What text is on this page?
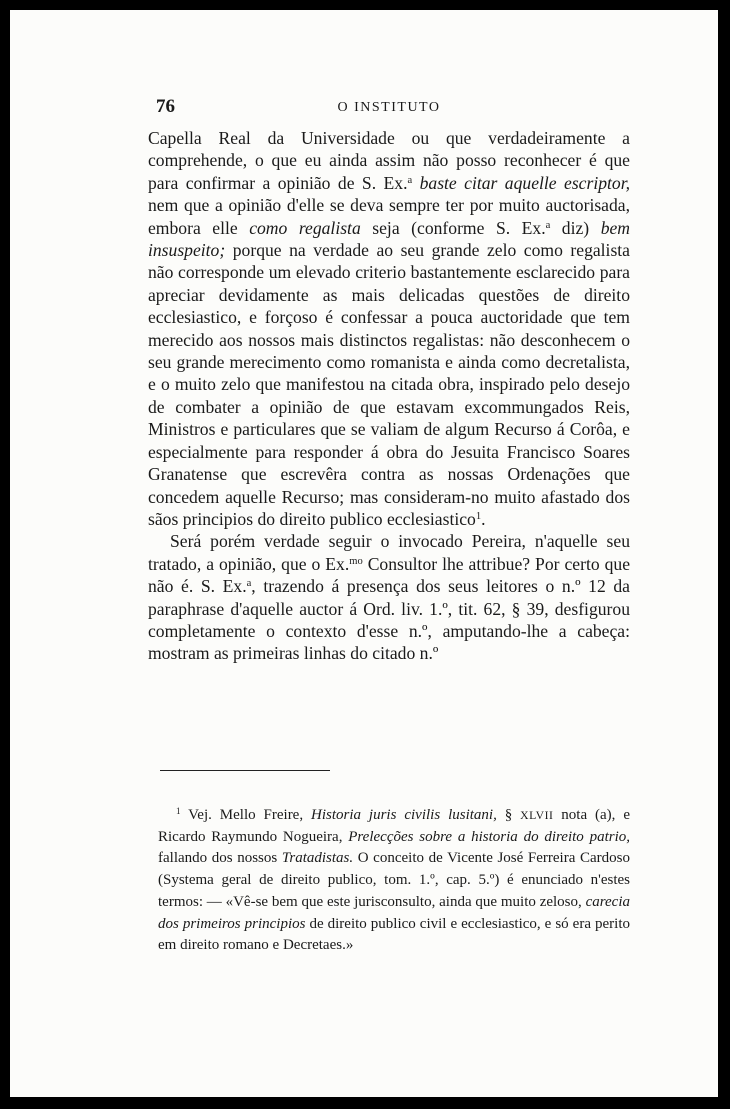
76	O INSTITUTO

Capella Real da Universidade ou que verdadeiramente a comprehende, o que eu ainda assim não posso reconhecer é que para confirmar a opinião de S. Ex.$^a$ baste citar aquelle escriptor, nem que a opinião d'elle se deva sempre ter por muito auctorisada, embora elle como regalista seja (conforme S. Ex.$^a$ diz) bem insuspeito; porque na verdade ao seu grande zelo como regalista não corresponde um elevado criterio bastantemente esclarecido para apreciar devidamente as mais delicadas questões de direito ecclesiastico, e forçoso é confessar a pouca auctoridade que tem merecido aos nossos mais distinctos regalistas: não desconhecem o seu grande merecimento como romanista e ainda como decretalista, e o muito zelo que manifestou na citada obra, inspirado pelo desejo de combater a opinião de que estavam excommungados Reis, Ministros e particulares que se valiam de algum Recurso á Corôa, e especialmente para responder á obra do Jesuita Francisco Soares Granatense que escrevêra contra as nossas Ordenações que concedem aquelle Recurso; mas consideram-no muito afastado dos sãos principios do direito publico ecclesiastico$^1$.

Será porém verdade seguir o invocado Pereira, n'aquelle seu tratado, a opinião, que o Ex.$^{mo}$ Consultor lhe attribue? Por certo que não é. S. Ex.$^a$, trazendo á presença dos seus leitores o n.º 12 da paraphrase d'aquelle auctor á Ord. liv. 1.º, tit. 62, § 39, desfigurou completamente o contexto d'esse n.º, amputando-lhe a cabeça: mostram as primeiras linhas do citado n.º

$^1$ Vej. Mello Freire, Historia juris civilis lusitani, § XLVII nota (a), e Ricardo Raymundo Nogueira, Prelecções sobre a historia do direito patrio, fallando dos nossos Tratadistas. O conceito de Vicente José Ferreira Cardoso (Systema geral de direito publico, tom. 1.º, cap. 5.º) é enunciado n'estes termos: — «Vê-se bem que este jurisconsulto, ainda que muito zeloso, carecia dos primeiros principios de direito publico civil e ecclesiastico, e só era perito em direito romano e Decretaes.»
